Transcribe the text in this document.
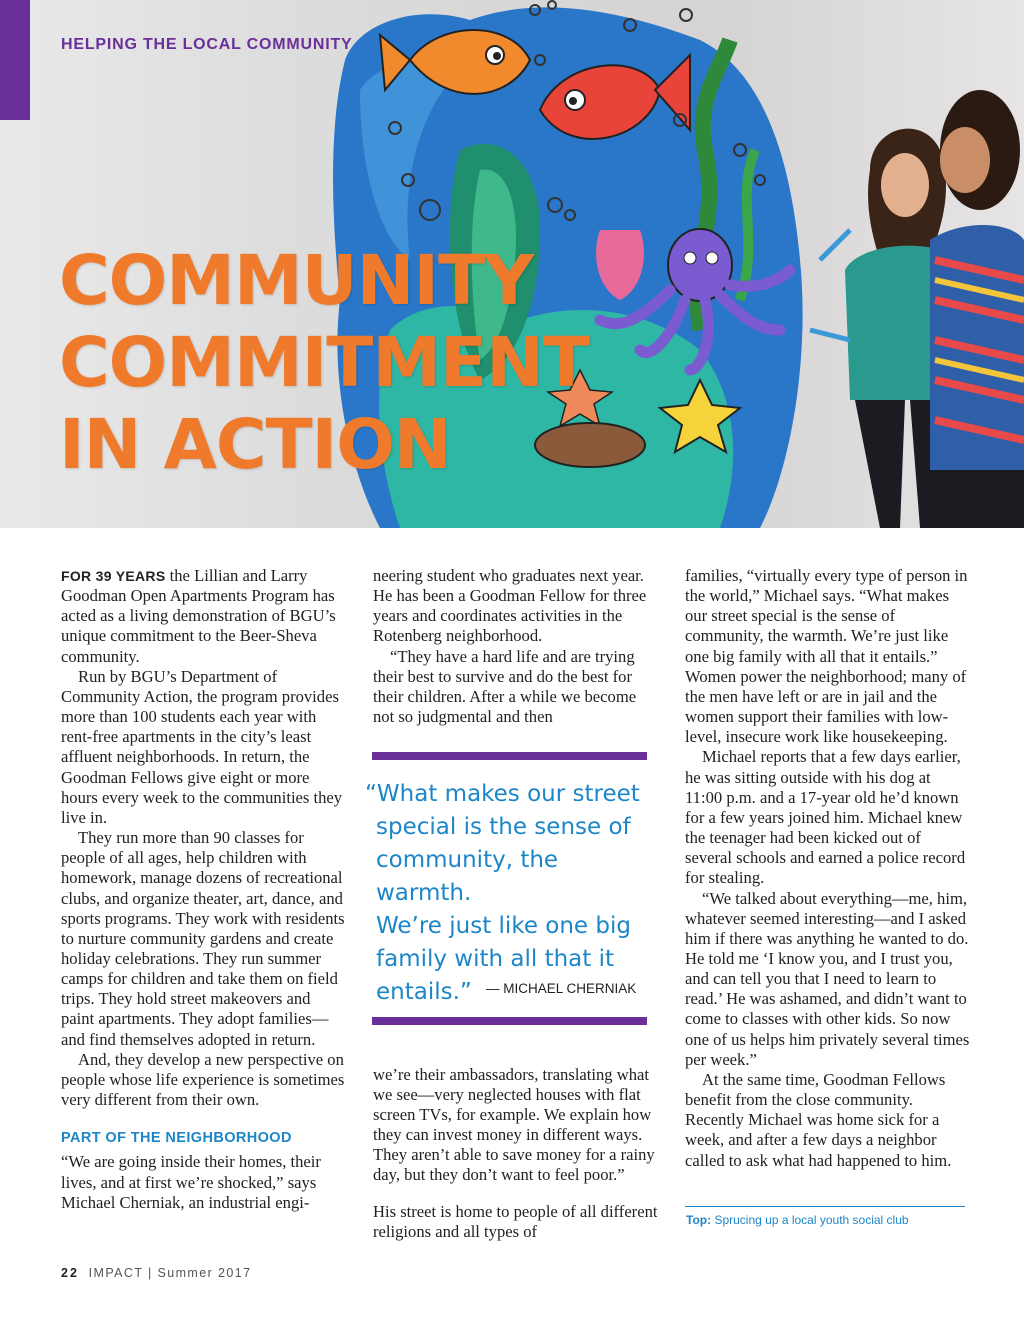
HELPING THE LOCAL COMMUNITY

COMMUNITY
COMMITMENT
IN ACTION

FOR 39 YEARS the Lillian and Larry Goodman Open Apartments Program has acted as a living demonstration of BGU’s unique commitment to the Beer-Sheva community.

Run by BGU’s Department of Community Action, the program provides more than 100 students each year with rent-free apartments in the city’s least affluent neighborhoods. In return, the Goodman Fellows give eight or more hours every week to the communities they live in.

They run more than 90 classes for people of all ages, help children with homework, manage dozens of recreational clubs, and organize theater, art, dance, and sports programs. They work with residents to nurture community gardens and create holiday celebrations. They run summer camps for children and take them on field trips. They hold street makeovers and paint apartments. They adopt families—and find themselves adopted in return.

And, they develop a new perspective on people whose life experience is sometimes very different from their own.

PART OF THE NEIGHBORHOOD

“We are going inside their homes, their lives, and at first we’re shocked,” says Michael Cherniak, an industrial engi-

neering student who graduates next year. He has been a Goodman Fellow for three years and coordinates activities in the Rotenberg neighborhood.

“They have a hard life and are trying their best to survive and do the best for their children. After a while we become not so judgmental and then

“What makes our street
special is the sense of
community, the warmth.
We’re just like one big
family with all that it
entails.”	— MICHAEL CHERNIAK

we’re their ambassadors, translating what we see—very neglected houses with flat screen TVs, for example. We explain how they can invest money in different ways. They aren’t able to save money for a rainy day, but they don’t want to feel poor.”

His street is home to people of all different religions and all types of

families, “virtually every type of person in the world,” Michael says. “What makes our street special is the sense of community, the warmth. We’re just like one big family with all that it entails.” Women power the neighborhood; many of the men have left or are in jail and the women support their families with low-level, insecure work like housekeeping.

Michael reports that a few days earlier, he was sitting outside with his dog at 11:00 p.m. and a 17-year old he’d known for a few years joined him. Michael knew the teenager had been kicked out of several schools and earned a police record for stealing.

“We talked about everything—me, him, whatever seemed interesting—and I asked him if there was anything he wanted to do. He told me ‘I know you, and I trust you, and can tell you that I need to learn to read.’ He was ashamed, and didn’t want to come to classes with other kids. So now one of us helps him privately several times per week.”

At the same time, Goodman Fellows benefit from the close community. Recently Michael was home sick for a week, and after a few days a neighbor called to ask what had happened to him.

Top: Sprucing up a local youth social club

22 IMPACT | Summer 2017
